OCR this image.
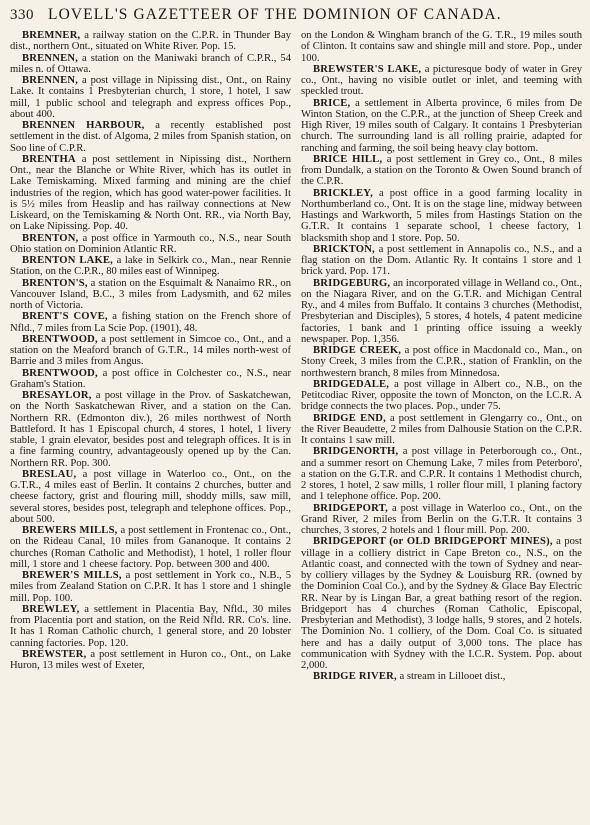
330 LOVELL'S GAZETTEER OF THE DOMINION OF CANADA.

BREMNER, a railway station on the C.P.R. in Thunder Bay dist., northern Ont., situated on White River. Pop. 15.

BRENNEN, a station on the Maniwaki branch of C.P.R., 54 miles n. of Ottawa.

BRENNEN, a post village in Nipissing dist., Ont., on Rainy Lake. It contains 1 Presbyterian church, 1 store, 1 hotel, 1 saw mill, 1 public school and telegraph and express offices Pop., about 400.

BRENNEN HARBOUR, a recently established post settlement in the dist. of Algoma, 2 miles from Spanish station, on Soo line of C.P.R.

BRENTHA a post settlement in Nipissing dist., Northern Ont., near the Blanche or White River, which has its outlet in Lake Temiskaming. Mixed farming and mining are the chief industries of the region, which has good water-power facilities. It is 5½ miles from Heaslip and has railway connections at New Liskeard, on the Temiskaming & North Ont. RR., via North Bay, on Lake Nipissing. Pop. 40.

BRENTON, a post office in Yarmouth co., N.S., near South Ohio station on Dominion Atlantic RR.

BRENTON LAKE, a lake in Selkirk co., Man., near Rennie Station, on the C.P.R., 80 miles east of Winnipeg.

BRENTON'S, a station on the Esquimalt & Nanaimo RR., on Vancouver Island, B.C., 3 miles from Ladysmith, and 62 miles north of Victoria.

BRENT'S COVE, a fishing station on the French shore of Nfld., 7 miles from La Scie Pop. (1901), 48.

BRENTWOOD, a post settlement in Simcoe co., Ont., and a station on the Meaford branch of G.T.R., 14 miles north-west of Barrie and 3 miles from Angus.

BRENTWOOD, a post office in Colchester co., N.S., near Graham's Station.

BRESAYLOR, a post village in the Prov. of Saskatchewan, on the North Saskatchewan River, and a station on the Can. Northern RR. (Edmonton div.), 26 miles northwest of North Battleford. It has 1 Episcopal church, 4 stores, 1 hotel, 1 livery stable, 1 grain elevator, besides post and telegraph offices. It is in a fine farming country, advantageously opened up by the Can. Northern RR. Pop. 300.

BRESLAU, a post village in Waterloo co., Ont., on the G.T.R., 4 miles east of Berlin. It contains 2 churches, butter and cheese factory, grist and flouring mill, shoddy mills, saw mill, several stores, besides post, telegraph and telephone offices. Pop., about 500.

BREWERS MILLS, a post settlement in Frontenac co., Ont., on the Rideau Canal, 10 miles from Gananoque. It contains 2 churches (Roman Catholic and Methodist), 1 hotel, 1 roller flour mill, 1 store and 1 cheese factory. Pop. between 300 and 400.

BREWER'S MILLS, a post settlement in York co., N.B., 5 miles from Zealand Station on C.P.R. It has 1 store and 1 shingle mill. Pop. 100.

BREWLEY, a settlement in Placentia Bay, Nfld., 30 miles from Placentia port and station, on the Reid Nfld. RR. Co's. line. It has 1 Roman Catholic church, 1 general store, and 20 lobster canning factories. Pop. 120.

BREWSTER, a post settlement in Huron co., Ont., on Lake Huron, 13 miles west of Exeter,

on the London & Wingham branch of the G. T.R., 19 miles south of Clinton. It contains saw and shingle mill and store. Pop., under 100.

BREWSTER'S LAKE, a picturesque body of water in Grey co., Ont., having no visible outlet or inlet, and teeming with speckled trout.

BRICE, a settlement in Alberta province, 6 miles from De Winton Station, on the C.P.R., at the junction of Sheep Creek and High River, 19 miles south of Calgary. It contains 1 Presbyterian church. The surrounding land is all rolling prairie, adapted for ranching and farming, the soil being heavy clay bottom.

BRICE HILL, a post settlement in Grey co., Ont., 8 miles from Dundalk, a station on the Toronto & Owen Sound branch of the C.P.R.

BRICKLEY, a post office in a good farming locality in Northumberland co., Ont. It is on the stage line, midway between Hastings and Warkworth, 5 miles from Hastings Station on the G.T.R. It contains 1 separate school, 1 cheese factory, 1 blacksmith shop and 1 store. Pop. 50.

BRICKTON, a post settlement in Annapolis co., N.S., and a flag station on the Dom. Atlantic Ry. It contains 1 store and 1 brick yard. Pop. 171.

BRIDGEBURG, an incorporated village in Welland co., Ont., on the Niagara River, and on the G.T.R. and Michigan Central Ry., and 4 miles from Buffalo. It contains 3 churches (Methodist, Presbyterian and Disciples), 5 stores, 4 hotels, 4 patent medicine factories, 1 bank and 1 printing office issuing a weekly newspaper. Pop. 1,356.

BRIDGE CREEK, a post office in Macdonald co., Man., on Stony Creek, 3 miles from the C.P.R., station of Franklin, on the northwestern branch, 8 miles from Minnedosa.

BRIDGEDALE, a post village in Albert co., N.B., on the Petitcodiac River, opposite the town of Moncton, on the I.C.R. A bridge connects the two places. Pop., under 75.

BRIDGE END, a post settlement in Glengarry co., Ont., on the River Beaudette, 2 miles from Dalhousie Station on the C.P.R. It contains 1 saw mill.

BRIDGENORTH, a post village in Peterborough co., Ont., and a summer resort on Chemung Lake, 7 miles from Peterboro', a station on the G.T.R. and C.P.R. It contains 1 Methodist church, 2 stores, 1 hotel, 2 saw mills, 1 roller flour mill, 1 planing factory and 1 telephone office. Pop. 200.

BRIDGEPORT, a post village in Waterloo co., Ont., on the Grand River, 2 miles from Berlin on the G.T.R. It contains 3 churches, 3 stores, 2 hotels and 1 flour mill. Pop. 200.

BRIDGEPORT (or OLD BRIDGEPORT MINES), a post village in a colliery district in Cape Breton co., N.S., on the Atlantic coast, and connected with the town of Sydney and near-by colliery villages by the Sydney & Louisburg RR. (owned by the Dominion Coal Co.), and by the Sydney & Glace Bay Electric RR. Near by is Lingan Bar, a great bathing resort of the region. Bridgeport has 4 churches (Roman Catholic, Episcopal, Presbyterian and Methodist), 3 lodge halls, 9 stores, and 2 hotels. The Dominion No. 1 colliery, of the Dom. Coal Co. is situated here and has a daily output of 3,000 tons. The place has communication with Sydney with the I.C.R. System. Pop. about 2,000.

BRIDGE RIVER, a stream in Lillooet dist.,
